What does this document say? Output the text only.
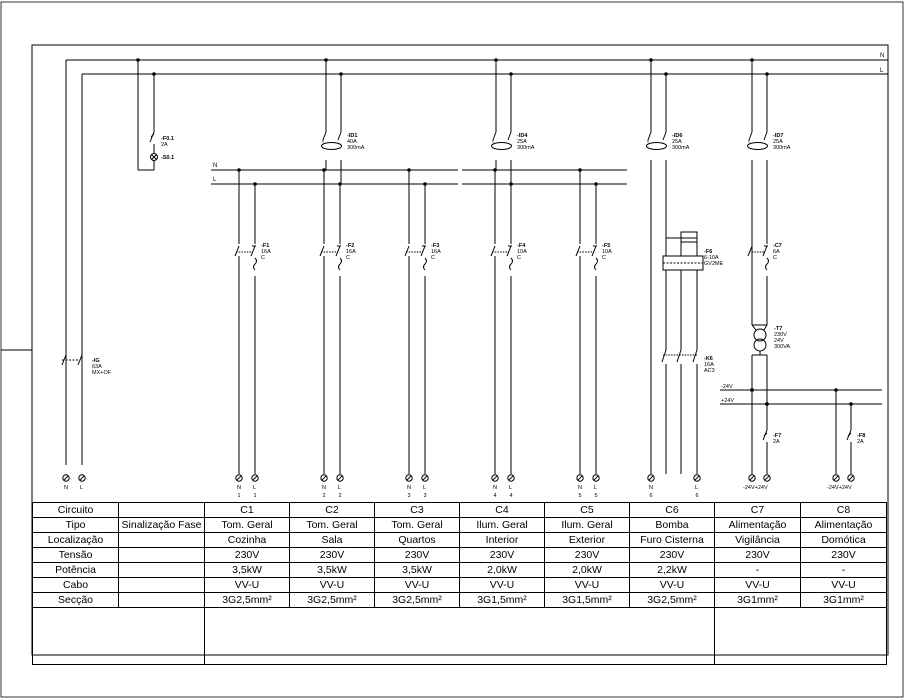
N
L
-F0.1
2A
-S0.1
-IG
63A
MX+OF
N
L
-24V
+24V
-ID1
40A
300mA
-ID4
25A
300mA
-ID6
25A
300mA
-ID7
25A
300mA
-F1
16A
C
N L
1 1
-F2
16A
C
N L
2 2
-F3
16A
C
N L
3 3
-F4
10A
C
N L
4 4
-F5
10A
C
N L
5 5
N L
-F6
6-10A
GV2ME
-K6
16A
AC3
N	L
6	6
-C7
6A
C
-T7
230V
24V
300VA
-F7
2A
-24V+24V
-F8
2A
-24V+24V
Circuito		C1	C2	C3	C4	C5	C6	C7	C8
Tipo	Sinalização Fase	Tom. Geral	Tom. Geral	Tom. Geral	Ilum. Geral	Ilum. Geral	Bomba	Alimentação	Alimentação
Localização		Cozinha	Sala	Quartos	Interior	Exterior	Furo Cisterna	Vigilância	Domótica
Tensão		230V	230V	230V	230V	230V	230V	230V	230V
Potência		3,5kW	3,5kW	3,5kW	2,0kW	2,0kW	2,2kW	-	-
Cabo		VV-U	VV-U	VV-U	VV-U	VV-U	VV-U	VV-U	VV-U
Secção		3G2,5mm²	3G2,5mm²	3G2,5mm²	3G1,5mm²	3G1,5mm²	3G2,5mm²	3G1mm²	3G1mm²
